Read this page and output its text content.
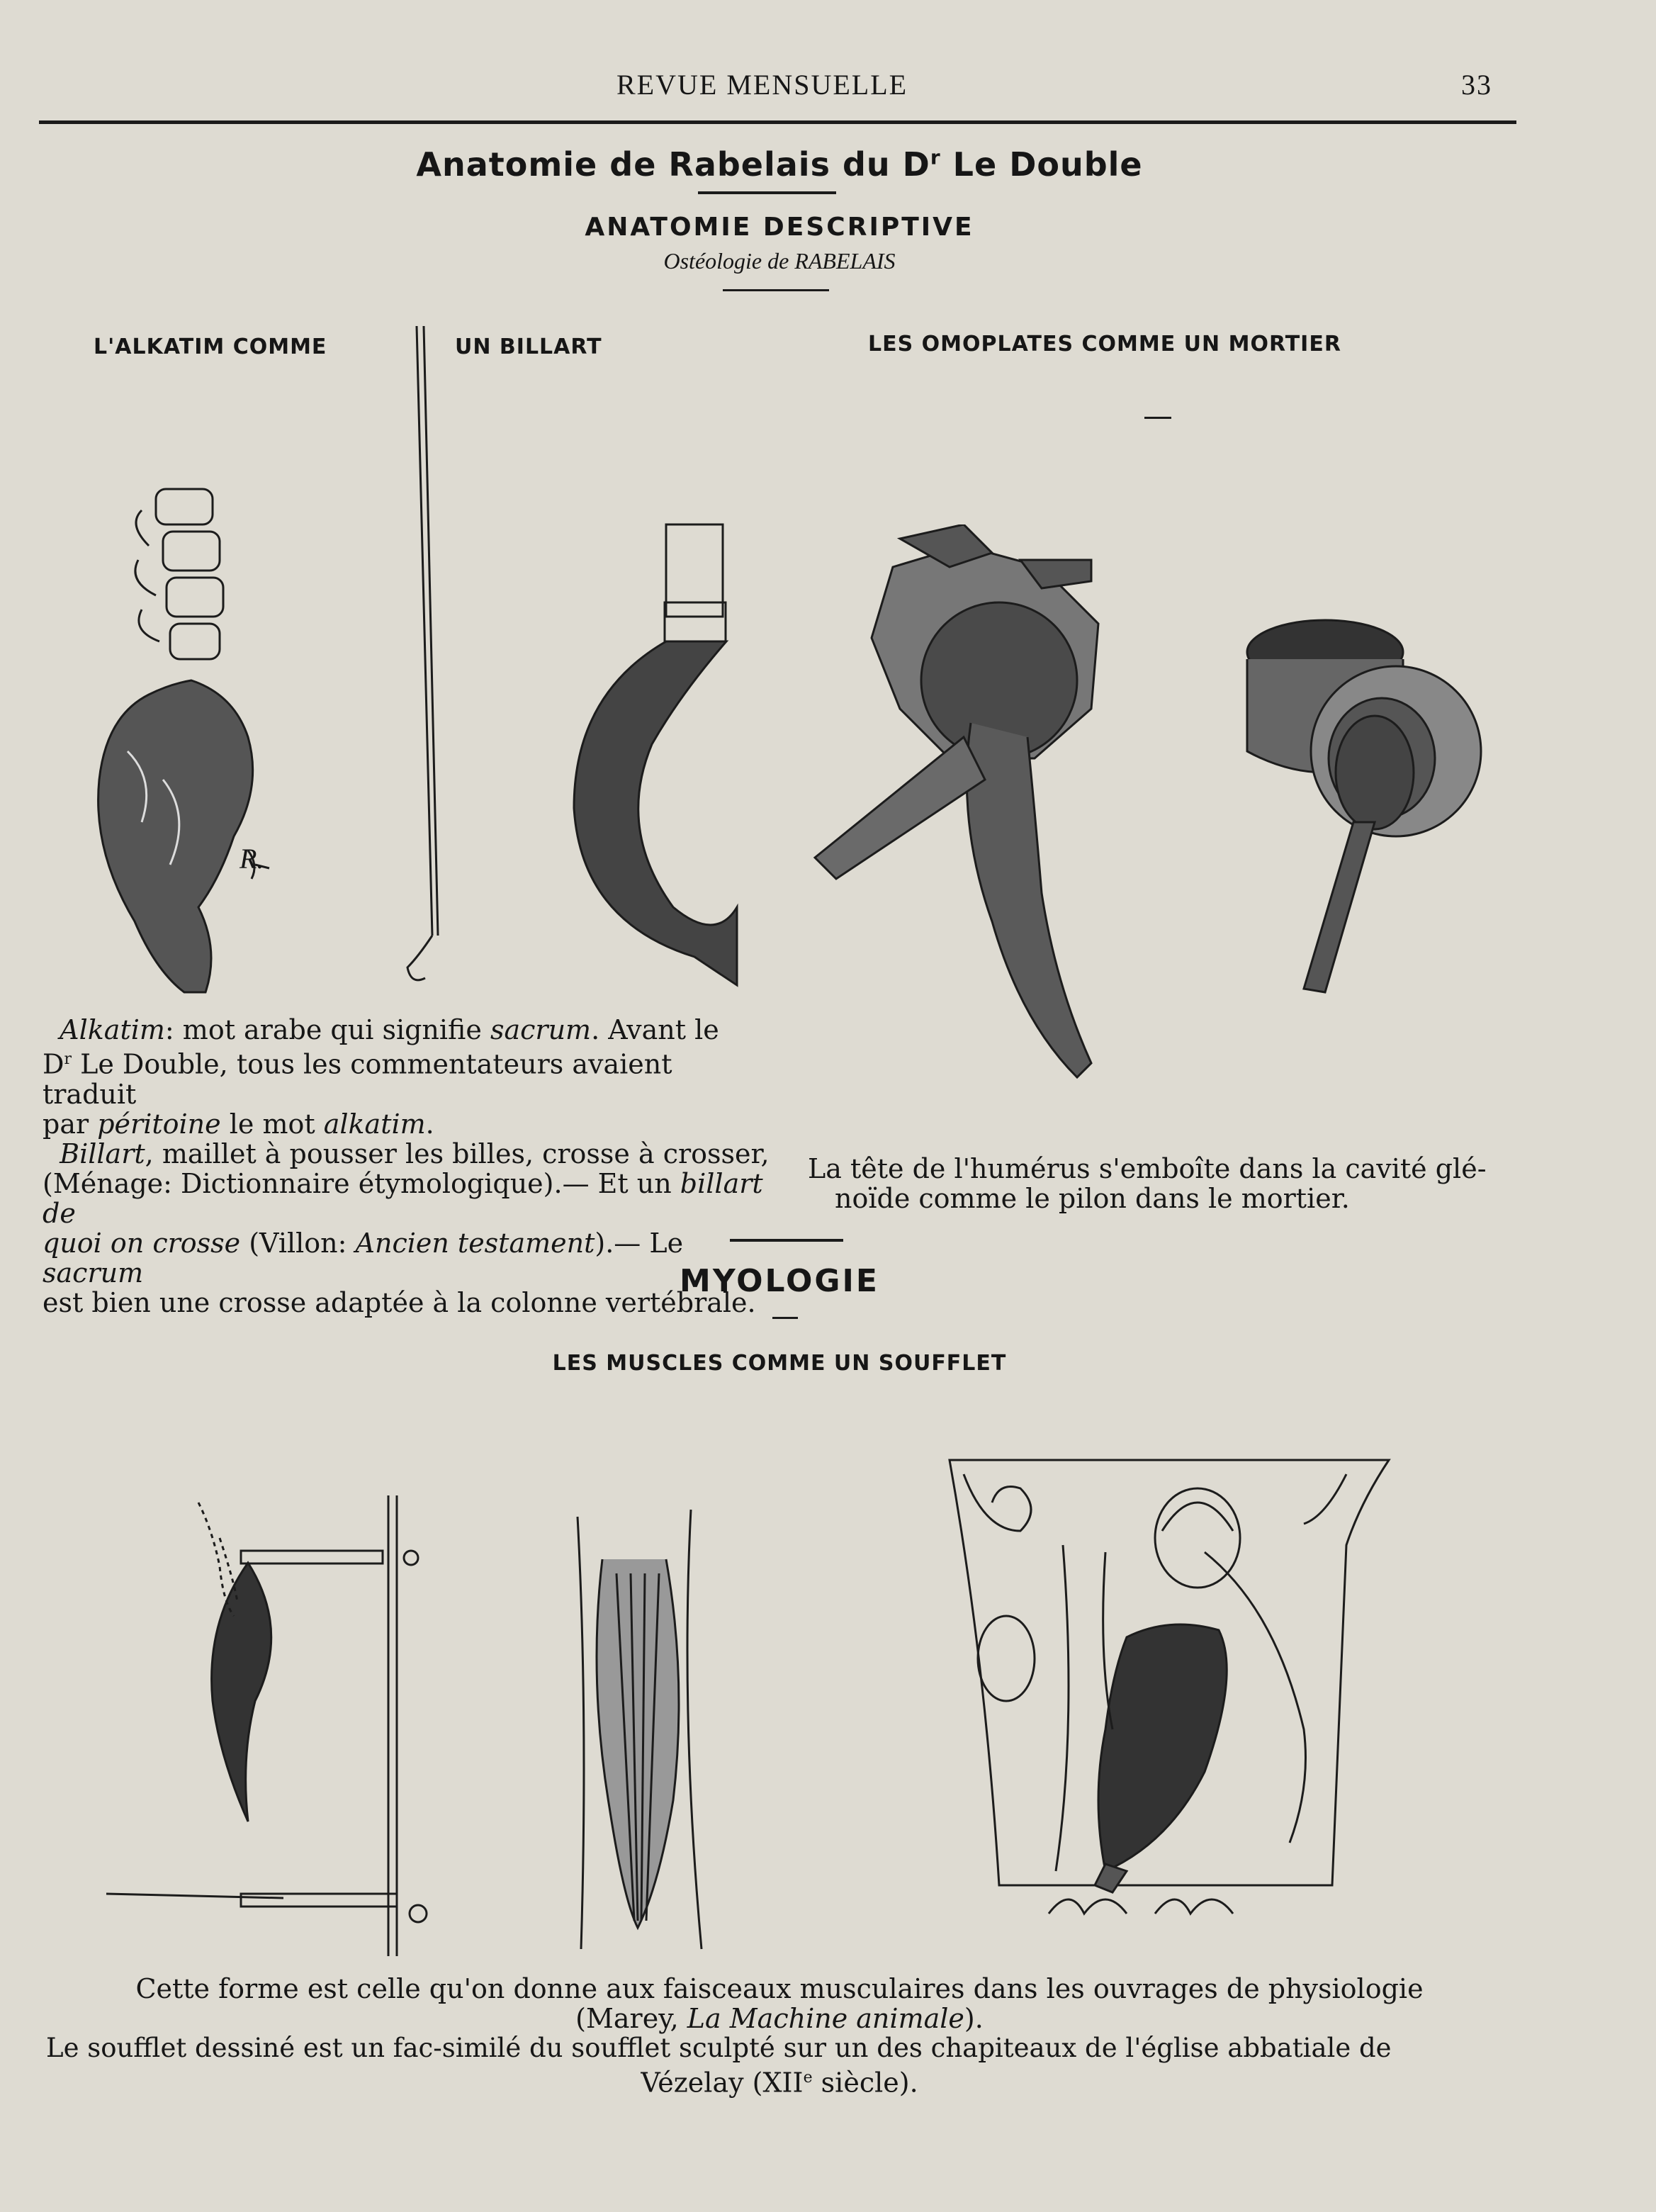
REVUE MENSUELLE	33
Anatomie de Rabelais du $D^r$ Le Double
ANATOMIE DESCRIPTIVE
Ostéologie de RABELAIS
L'ALKATIM COMME	UN BILLART	LES OMOPLATES COMME UN MORTIER
R.
Alkatim: mot arabe qui signifie sacrum. Avant le
$D^r$ Le Double, tous les commentateurs avaient traduit
par péritoine le mot alkatim.
Billart, maillet à pousser les billes, crosse à crosser,
(Ménage: Dictionnaire étymologique).— Et un billart de
quoi on crosse (Villon: Ancien testament).— Le sacrum
est bien une crosse adaptée à la colonne vertébrale.
La tête de l'humérus s'emboîte dans la cavité glé-
noïde comme le pilon dans le mortier.
MYOLOGIE
LES MUSCLES COMME UN SOUFFLET
Cette forme est celle qu'on donne aux faisceaux musculaires dans les ouvrages de physiologie
(Marey, La Machine animale).
Le soufflet dessiné est un fac-similé du soufflet sculpté sur un des chapiteaux de l'église abbatiale de
Vézelay (XIIe siècle).
